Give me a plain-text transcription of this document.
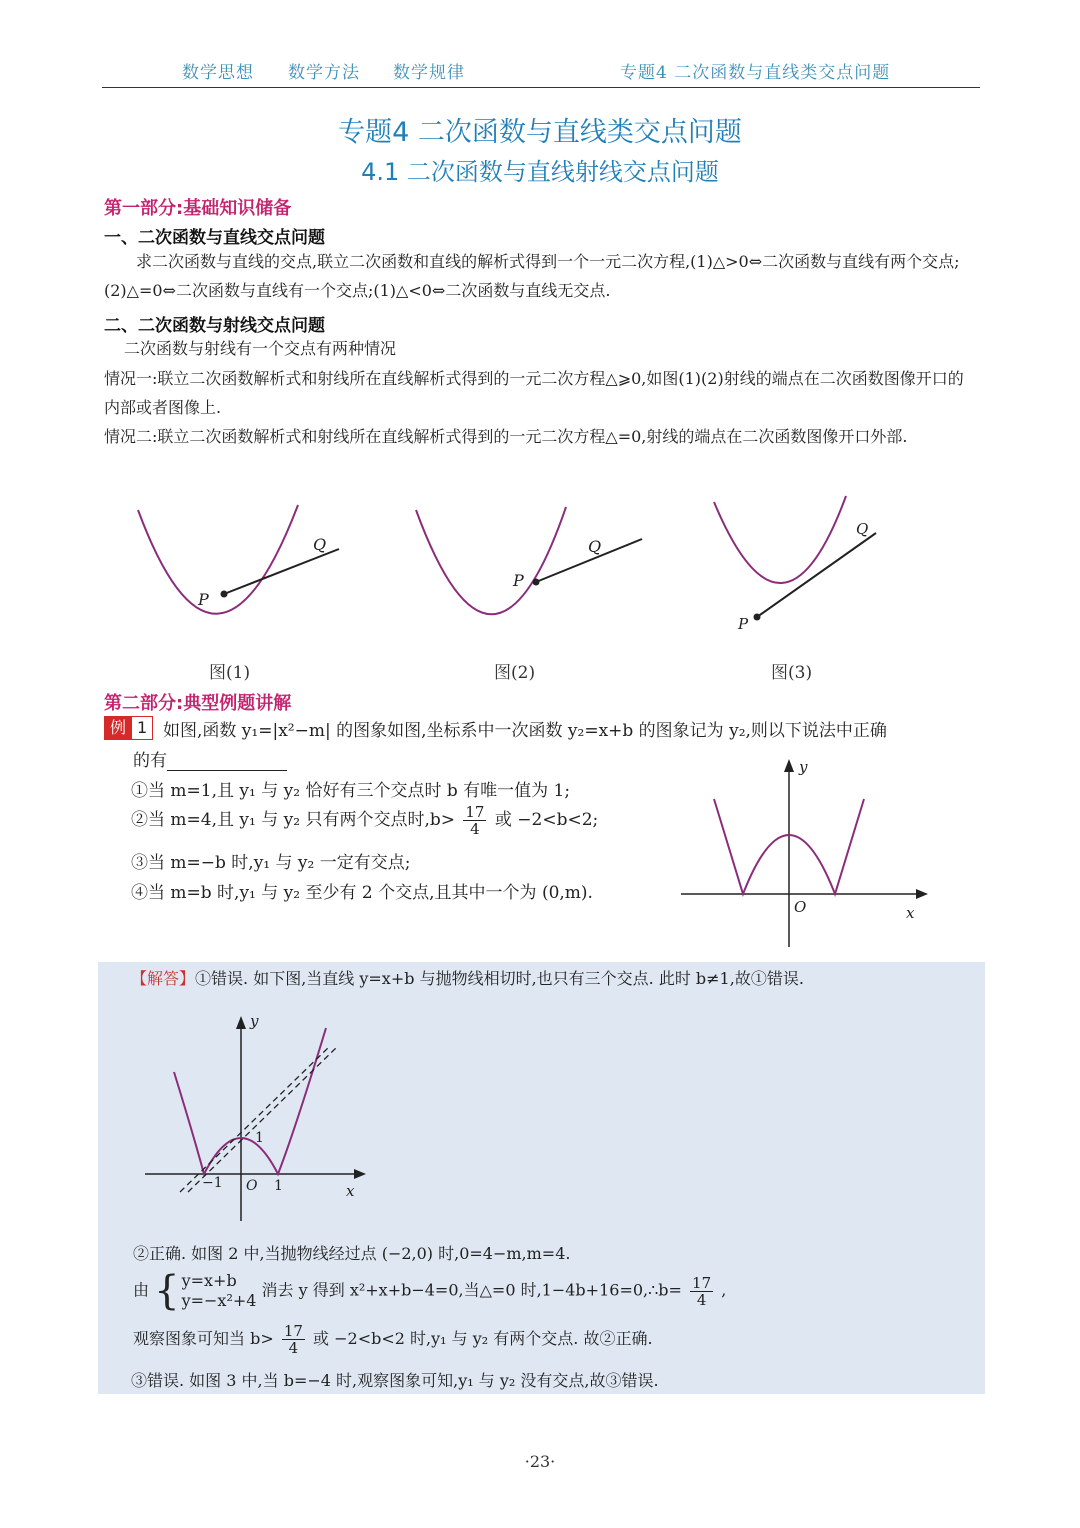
数学思想 数学方法 数学规律	专题4 二次函数与直线类交点问题
专题4 二次函数与直线类交点问题
4.1 二次函数与直线射线交点问题
第一部分:基础知识储备
一、二次函数与直线交点问题
求二次函数与直线的交点,联立二次函数和直线的解析式得到一个一元二次方程,(1)△>0⇔二次函数与直线有两个交点;(2)△=0⇔二次函数与直线有一个交点;(1)△<0⇔二次函数与直线无交点.
二、二次函数与射线交点问题
二次函数与射线有一个交点有两种情况
情况一:联立二次函数解析式和射线所在直线解析式得到的一元二次方程△⩾0,如图(1)(2)射线的端点在二次函数图像开口的内部或者图像上.
情况二:联立二次函数解析式和射线所在直线解析式得到的一元二次方程△=0,射线的端点在二次函数图像开口外部.
P
Q
图(1)
P
Q
图(2)
P
Q
图(3)
第二部分:典型例题讲解
例 1 如图,函数 y₁=|x²−m| 的图象如图,坐标系中一次函数 y₂=x+b 的图象记为 y₂,则以下说法中正确
的有
①当 m=1,且 y₁ 与 y₂ 恰好有三个交点时 b 有唯一值为 1;
②当 m=4,且 y₁ 与 y₂ 只有两个交点时$,b> \frac{17}{4}$ 或 −2<b<2;
③当 m=−b 时,y₁ 与 y₂ 一定有交点;
④当 m=b 时,y₁ 与 y₂ 至少有 2 个交点,且其中一个为 (0,m).
y
x
O
【解答】①错误. 如下图,当直线 y=x+b 与抛物线相切时,也只有三个交点. 此时 b≠1,故①错误.
y
x
O
1
−1	1
②正确. 如图 2 中,当抛物线经过点 (−2,0) 时,0=4−m,m=4.
由 { y=x+b
y=−x²+4
消去 y 得到 x²+x+b−4=0,当△=0 时,1−4b+16=0,∴b= $\frac{17}{4}$ ,
观察图象可知当 $b> \frac{17}{4}$ 或 −2<b<2 时,y₁ 与 y₂ 有两个交点. 故②正确.
③错误. 如图 3 中,当 b=−4 时,观察图象可知,y₁ 与 y₂ 没有交点,故③错误.
·23·
